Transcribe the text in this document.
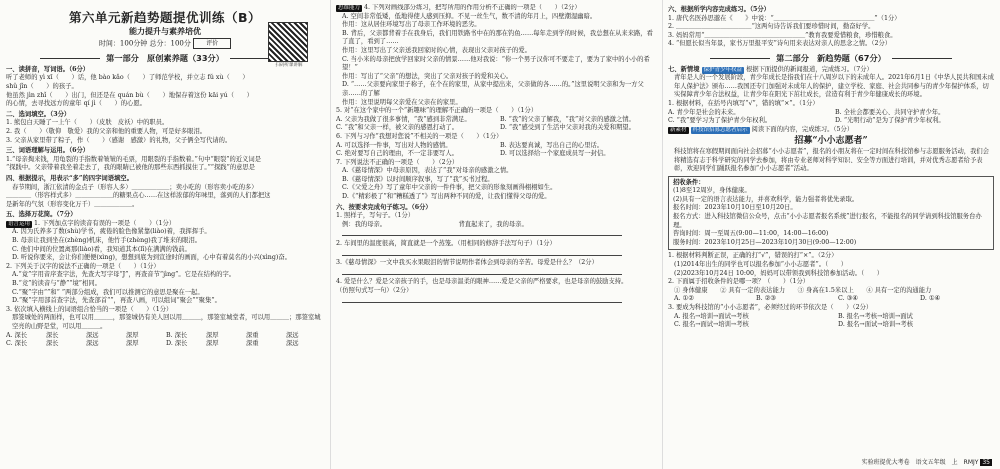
第六单元新趋势题提优训练（B）
能力提升与素养培优
时间：100分钟 总分：100分	评价
扫码听课讲解
第一部分　原创素养题（33分）

一、读拼音，写词语。（6分）

听了老师的 yì xī（　　）话，他 bào kǎo（　　）了师范学校，并立志 fǔ xù（　　）

shǔ jǐn（　　）的孩子。

他虽然 jìn zhǐ（　　）出门，但还是在 quán bù（　　）地保存着这份 kāi yú（　　）

的心情，去寻找远方的童年 qí jì（　　）的心愿。

二、选词填空。（3分）

1. 熊包白天睡了一上午（　　）（皮肤　皮袄）中的职员。

2. 我（　　）（敬仰　敬爱）我的父亲和他的重要人物，可是好多眼泪。

3. 父亲从家里带了粽子，作（　　）（感谢　感激）的礼物，父子俩全写代请的。

三、词语理解与运用。（6分）

1.“母亲掏来钱，用龟裂的手指数着皱皱的毛票，用眼裂的手指数着。”句中“眼裂”的近义词是

“探践中。父亲带着我坐着走去了，我的眼睛已被他的那些东西抓摸住了。”“探践”的意思是

四、根据提示，用表示“多”的四字词语填空。

春节期间，浙江依清的金点子（形容人多）＿＿＿＿＿＿；卖小吃的（形容卖小吃的多）

＿＿＿＿（形容样式多）＿＿＿＿＿＿的糖果点心……在这样浓郁的年味里，落到的人们都把这

是新年的气氛（形容变化万千）＿＿＿＿＿＿。

五、选择万花筒。（7分）

语言运用 1. 下列加点字的读音有误的一项是（　　）（1分）

A. 因为氏养多了数(shù)学书，疲倦的脸色像紧靠(liào)着，我挥挥手。

B. 母亲让我到坐在(zhèng)机床，他竹手(zhèng)我了堆来的眼泪。

C. 他们中间的位置离那(liào)看，我知道其本(lǐ)在满满的钱前。

D. 听说你要来，会让你们便便(xìng)，想想到底为到宣途时的画面，心中有着莫名的小兴(xìng)奋。

2. 下列关于汉字的说法不正确的一项是（　　）（1分）

A.“竟”字用音序查字法，先查大写字母“J”，再查音节“jìng”。它是在结构的字。

B.“竞”的读音与“静”“境”相同。

C.“聚”字由“”和“ ”两部分组成，我们可以推测它的意思是聚在一起。

D.“聚”字用部首查字法，先查部首“”，再查八画，可以组词“聚会”“聚集”。

3. 依次填入横线上的词语组合恰当的一项是（　　）（1分）

那签城处的两面样，也可以用＿＿＿，那签城仍有美人回以用＿＿＿，那签室城堂者，可以用＿＿＿；那签室城空亮的山野是堂，可以用＿＿＿。

A. 深长	深长	深远	深厚	B. 深长	深厚	深重	深远
C. 深长	深长	深远	深厚	D. 深长	深厚	深重	深远

思维能力 4. 下列对画线部分练习，把写所用的作用分析不正确的一项是（　　）（2分）

A. 空间非常低矮，低地得使人感到压抑。不见一丝生气，数不清的年月上，四壁潮湿幽暗。

作用：这从居住环境写出了母亲工作环境的恶劣。

B. 背后，父亲都背着手在我身后，我们用铁路书中在的那在钓鱼……每年走到学的时候，我总想在从来来路，看了直了，看到了……

作用：这里写出了父亲送我回家时的心情，表现出父亲对孩子的爱。

C. 当小米的母亲把放学回家时父亲的情景……他对我说：“你一个男子汉你可不要走了，要为了家中的小小的希望！”

作用：写出了“父亲”的想法，突出了父亲对孩子的爱和关心。

D. “……父亲要向家里子称子，在个在的家里，从家中提出来，父亲做的各……的。”这里说明父亲和为一方父亲……的了解

作用：这里说明每父亲爱在父亲在的家里。

5. 对“在这个家中的一个“新趣味”的理解不正确的一项是（　　）（1分）

A. 父亲为我做了很多事情，“我”感到非常满足。	B. “我”的父亲了解我，“我”对父亲的感激之情。
C. “我”和父亲一样，被父亲的感恩打动了。	D. “我”感受到了生活中父亲对我的关爱和期望。

6. 下列与习作“我想对您说”不相关的一项是（　　）（1分）

A. 可以选择一件事，写出对人物的感情。	B. 表达要真诚，写出自己的心里话。
C. 绝对要写自己的理由，不一定非要写人。	D. 可以选择给一个家庭成员写一封信。

7. 下列说法不正确的一项是（　　）（2分）

A.《慈母情深》中母亲原因，表达了“我”对母亲的感激之情。

B.《慈母情深》以时间顺序叙事，写了“我”买书过程。

C.《父爱之舟》写了童年中父亲的一件件事，把父亲的形象刻画得栩栩如生。

D.《“精彩极了”和“糟糕透了”》写出两种不同的爱，让我们懂得父母的爱。

六、按要求完成句子练习。（6分）

1. 照样子，写句子。（1分）

例：我的母亲。　　　　　　　　　　　　背直起来了，我的母亲。

2. 车间里的温度很高，简直就是一个蒸笼。（用相同的修辞手法写句子）（1分）

3.《慈母情深》一文中我买水果眼泪的情节说明作者体会到母亲的辛苦。母爱是什么？（2分）

4. 爱是什么？爱是父亲孩子的手，也是母亲温柔的眼神……爱是父亲的严格要求，也是母亲的鼓励支持。

（仿照句式写一句）（2分）

六、根据所学内容完成练习。（5分）

1. 唐代名医孙思邈在《　　》中说：“＿＿＿＿＿＿＿＿＿＿＿＿＿＿＿＿”（1分）

2. ＿＿＿＿＿＿＿＿＿＿＿＿“这两句诗告诉我们要珍惜时间，勤奋好学。

3. 妈妈常用“＿＿＿＿＿＿＿＿＿＿＿＿＿＿＿＿”教育我要爱惜粮食，珍惜粮食。

4. “但愿长似当年景，家书万里报平安”诗句用来表达对亲人的思念之情。（2分）

第二部分　新趋势题（67分）

七、新情境 保护青少年权益 根据下面提供的新闻报道，完成练习。（7分）

青年是人的一个发展阶段，青少年成长是指我们在十八周岁以下的未成年人。2021年6月1日《中华人民共和国未成年人保护法》颁布……我国还专门加强对未成年人的保护，建立学校、家庭、社会共同参与的青少年保护体系，切实保障青少年合法权益，让青少年在阳光下茁壮成长，营造有利于青少年健康成长的环境。

1. 根据材料，在括号内填写“√”，错的填“×”。（1分）

A. 青少年是社会的未来。	B. 全社会都要关心、共同守护青少年。
C. “我”要学习为了保护青少年权利。	D. “光明行动”是为了保护青少年权利。

新素材 科技馆招募志愿者启示 阅读下面的内容，完成练习。（5分）

招募“小小志愿者”

科技馆将在寒假期间面向社会招募“小小志愿者”，报名的小朋友将在一定时间在科技馆参与志愿服务活动，我们会将精选有志于科学研究的同学去参加，将由专业老师对科学知识、安全等方面进行培训，并对优秀志愿者给予表彰，欢迎同学们踊跃报名参加“小小志愿者”活动。

招收条件：

(1)8至12周岁，身体健康。

(2)具有一定的语言表达能力，并喜欢科学，能力强者将优先录取。

报名时间：2023年10月10日至10月20日。

报名方式：进入科技馆微信公众号，点击“小小志愿者报名系统”进行报名，不能报名的同学请到科技馆服务台办理。

咨询时间：周一至周五(9:00—11:00，14:00—16:00)

服务时间：2023年10月25日—2023年10月30日(9:00—12:00)

1. 根据材料判断正误，正确的打“√”，错误的打“×”。（2分）

(1)2014年出生的同学也可以报名参加“小小志愿者”。（　　）

(2)2023年10月24日 10:00，妈妈可以带领我到科技馆参加活动。（　　）

2. 下面属于招收条件的是哪一项？（　　）（1分）

① 身体健康　　② 具有一定的表达能力　　③ 身高在1.5米以上　　④ 具有一定的沟通能力

A. ①②	B. ②③	C. ③④	D. ①④

3. 要成为科技馆的“小小志愿者”，必须经过的环节依次是（　　）（2分）

A. 报名→培训→面试→考核	B. 报名→考核→培训→面试
C. 报名→面试→培训→考核	D. 报名→面试→培训→考核
实验班提优大考卷　语文五年级　上　RMJY 35
